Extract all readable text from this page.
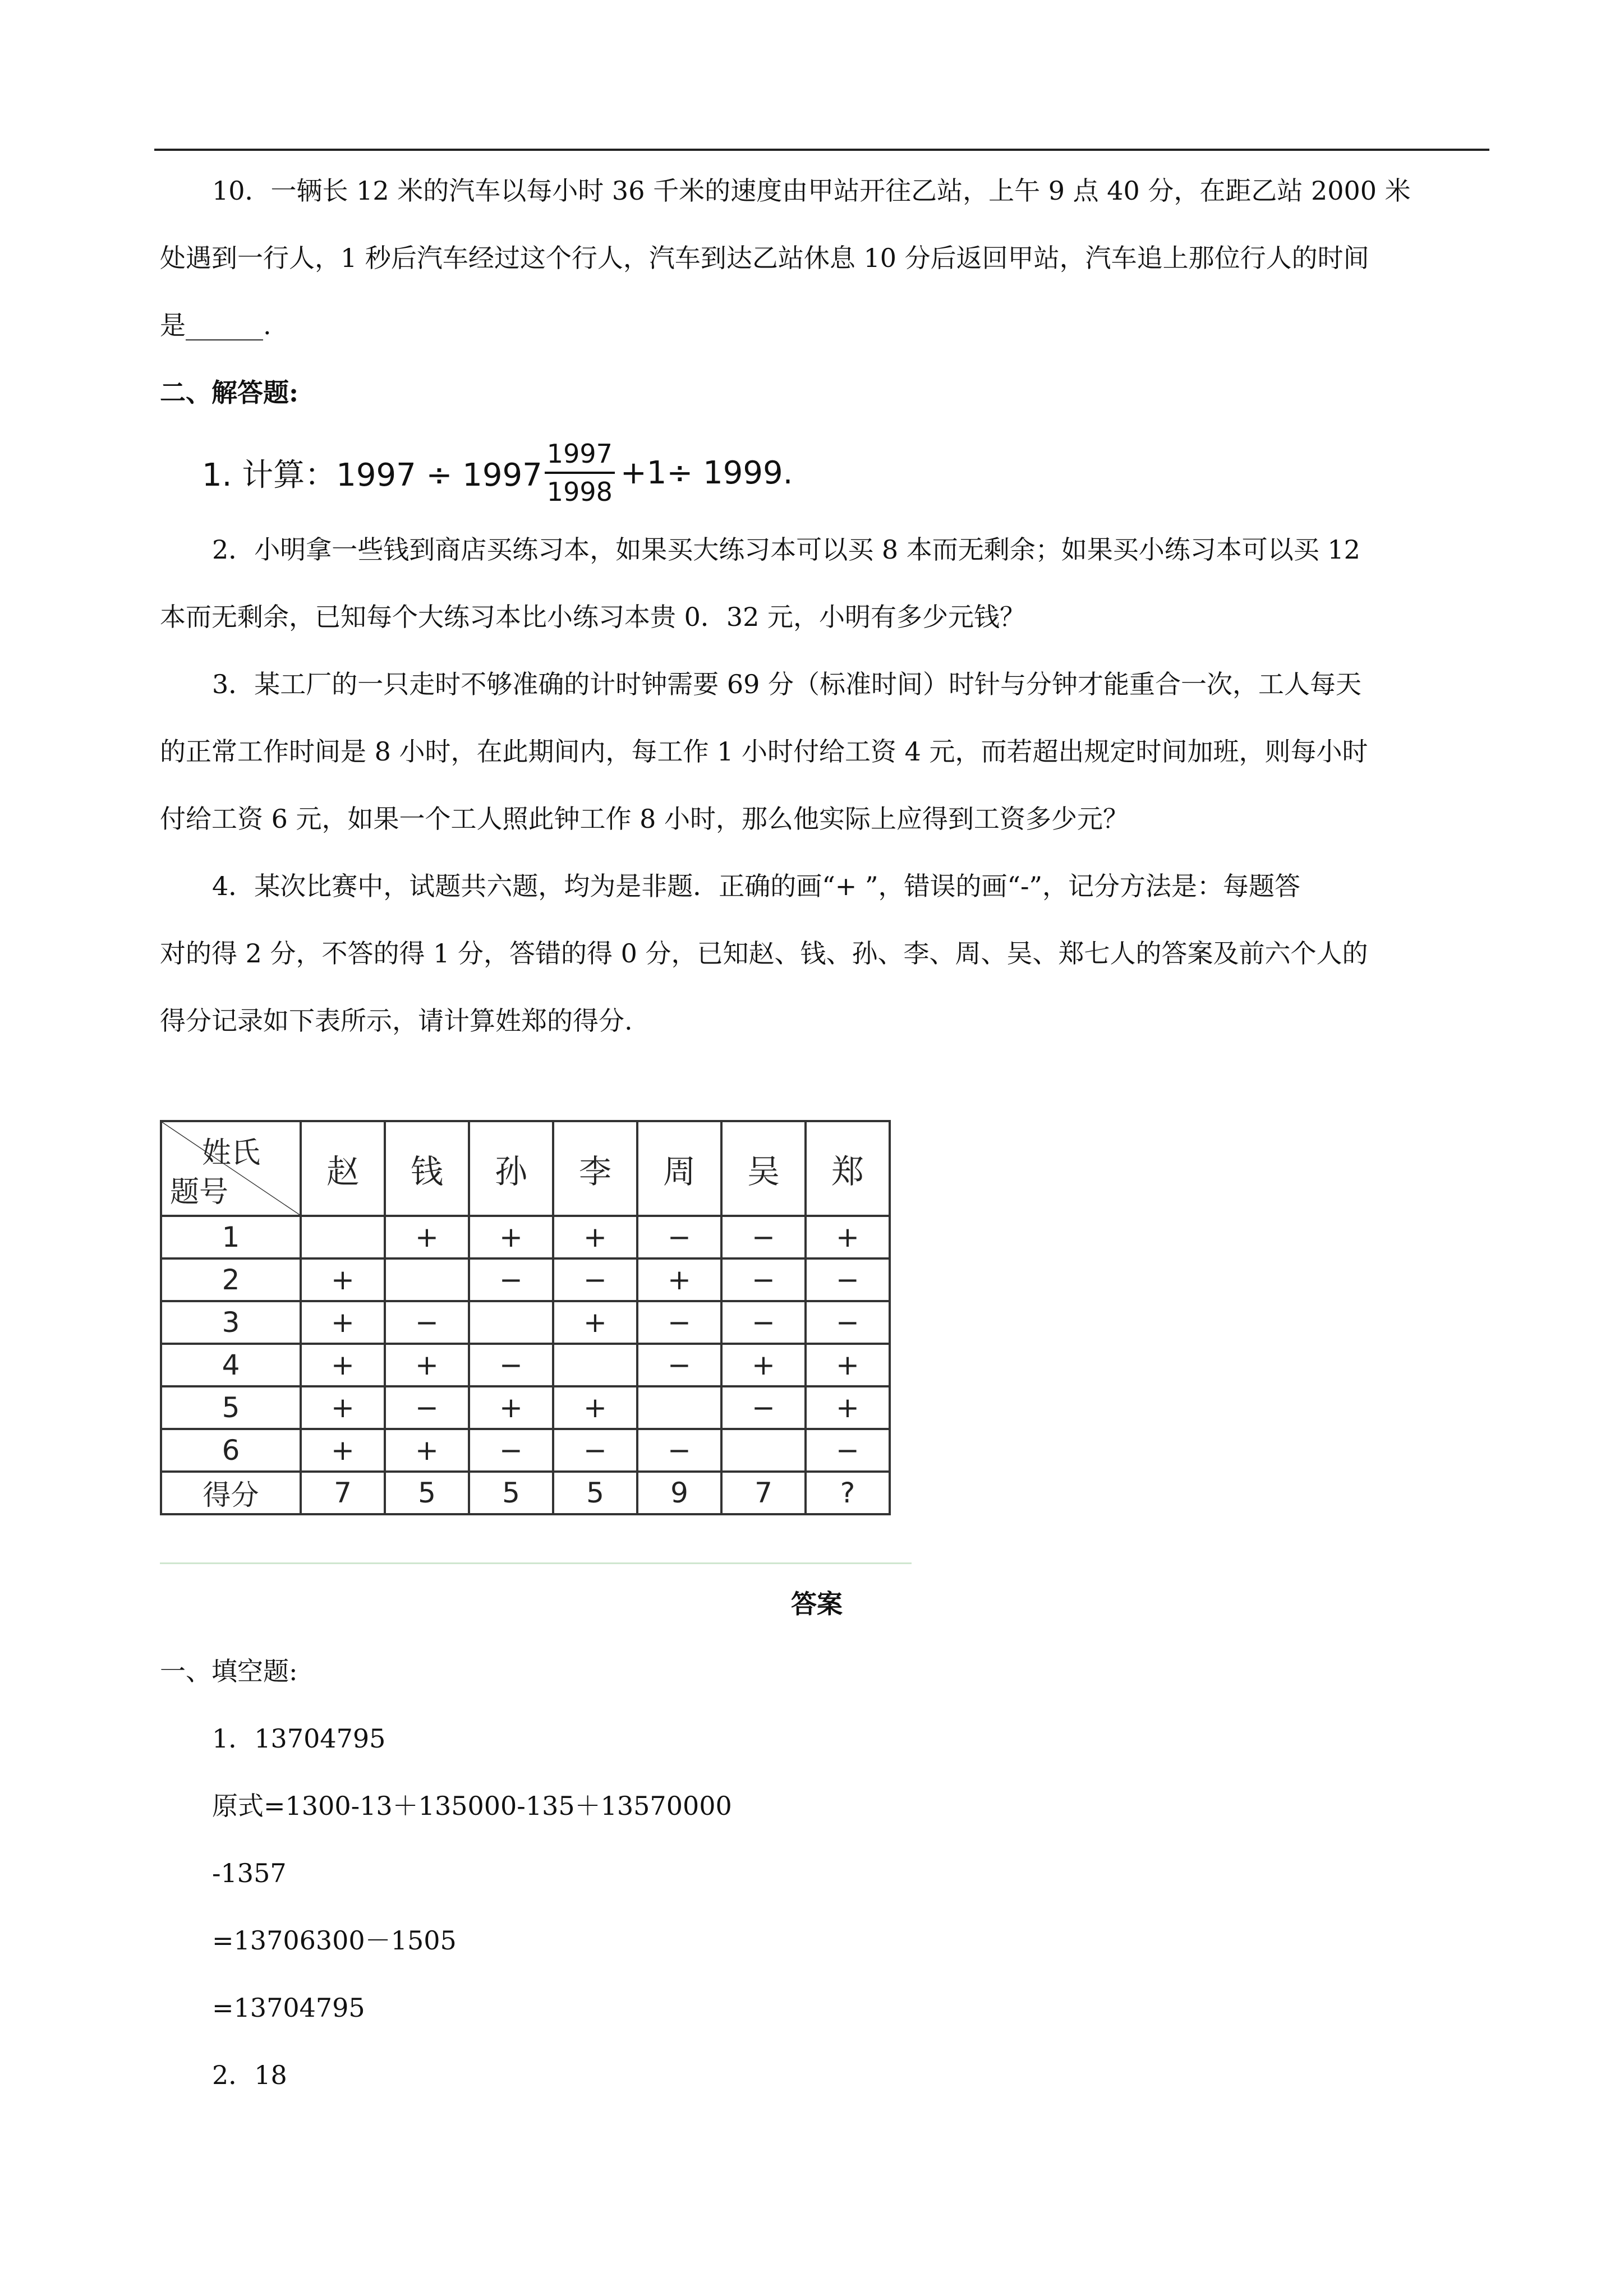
10．一辆长 12 米的汽车以每小时 36 千米的速度由甲站开往乙站，上午 9 点 40 分，在距乙站 2000 米
处遇到一行人，1 秒后汽车经过这个行人，汽车到达乙站休息 10 分后返回甲站，汽车追上那位行人的时间
是______.
二、解答题:
1. 计算：$1997 \div 1997 \frac{1997}{1998} +1\div 1999$.
2．小明拿一些钱到商店买练习本，如果买大练习本可以买 8 本而无剩余；如果买小练习本可以买 12
本而无剩余，已知每个大练习本比小练习本贵 0．32 元，小明有多少元钱？
3．某工厂的一只走时不够准确的计时钟需要 69 分（标准时间）时针与分钟才能重合一次，工人每天
的正常工作时间是 8 小时，在此期间内，每工作 1 小时付给工资 4 元，而若超出规定时间加班，则每小时
付给工资 6 元，如果一个工人照此钟工作 8 小时，那么他实际上应得到工资多少元？
4．某次比赛中，试题共六题，均为是非题．正确的画“+ ”，错误的画“-”，记分方法是：每题答
对的得 2 分，不答的得 1 分，答错的得 0 分，已知赵、钱、孙、李、周、吴、郑七人的答案及前六个人的
得分记录如下表所示，请计算姓郑的得分.
姓氏
题号	赵	钱	孙	李	周	吴	郑
1		+	+	+	−	−	+
2	+		−	−	+	−	−
3	+	−		+	−	−	−
4	+	+	−		−	+	+
5	+	−	+	+		−	+
6	+	+	−	−	−		−
得分	7	5	5	5	9	7	?
答案
一、填空题:
1．13704795
原式=1300-13＋135000-135＋13570000
-1357
=13706300－1505
=13704795
2．18
